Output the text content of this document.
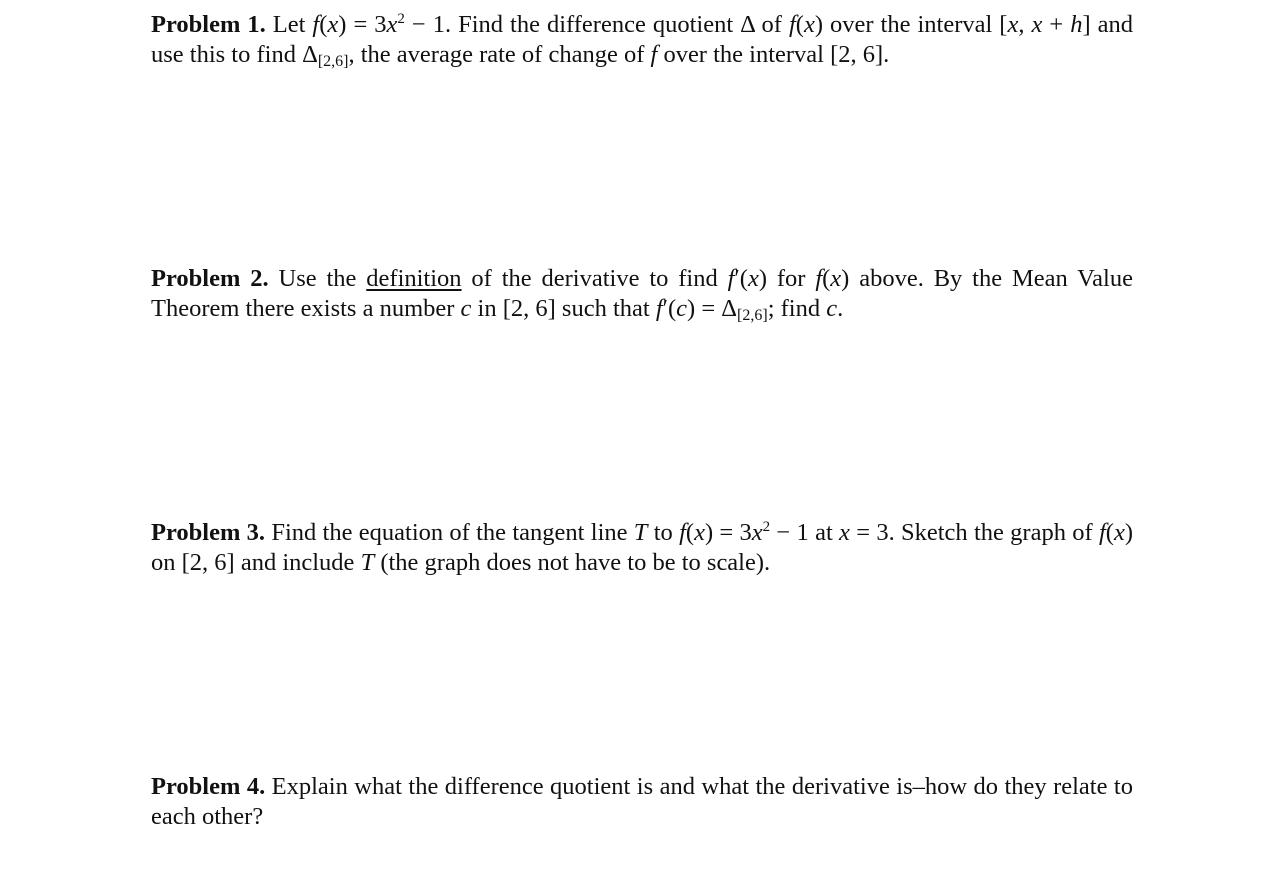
Problem 1. Let $f(x) = 3x^2 - 1$. Find the difference quotient Δ of f(x) over the interval [x, x + h] and use this to find $\Delta_{[2,6]}$, the average rate of change of f over the interval [2, 6].

Problem 2. Use the definition of the derivative to find f′(x) for f(x) above. By the Mean Value Theorem there exists a number c in [2, 6] such that $f'(c) = \Delta_{[2,6]}$; find c.

Problem 3. Find the equation of the tangent line T to $f(x) = 3x^2 - 1$ at x = 3. Sketch the graph of f(x) on [2, 6] and include T (the graph does not have to be to scale).

Problem 4. Explain what the difference quotient is and what the derivative is–how do they relate to each other?
